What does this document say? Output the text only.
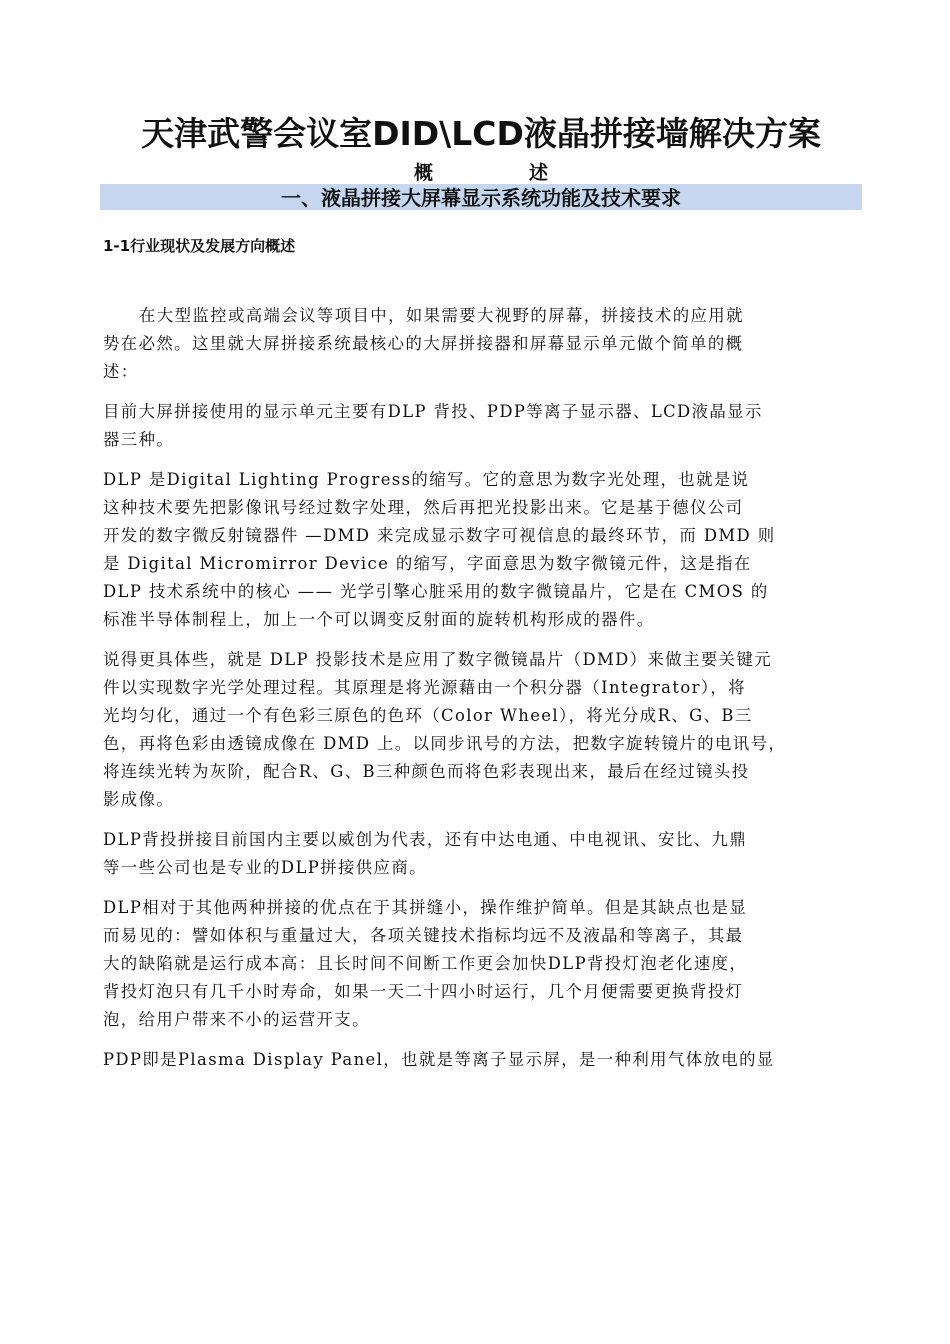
天津武警会议室DID\LCD液晶拼接墙解决方案
概	述
一、液晶拼接大屏幕显示系统功能及技术要求
1-1行业现状及发展方向概述
在大型监控或高端会议等项目中，如果需要大视野的屏幕，拼接技术的应用就
势在必然。这里就大屏拼接系统最核心的大屏拼接器和屏幕显示单元做个简单的概
述：
目前大屏拼接使用的显示单元主要有DLP 背投、PDP等离子显示器、LCD液晶显示
器三种。
DLP 是Digital Lighting Progress的缩写。它的意思为数字光处理，也就是说
这种技术要先把影像讯号经过数字处理，然后再把光投影出来。它是基于德仪公司
开发的数字微反射镜器件 —DMD 来完成显示数字可视信息的最终环节，而 DMD 则
是 Digital Micromirror Device 的缩写，字面意思为数字微镜元件，这是指在
DLP 技术系统中的核心 —— 光学引擎心脏采用的数字微镜晶片，它是在 CMOS 的
标准半导体制程上，加上一个可以调变反射面的旋转机构形成的器件。
说得更具体些，就是 DLP 投影技术是应用了数字微镜晶片（DMD）来做主要关键元
件以实现数字光学处理过程。其原理是将光源藉由一个积分器（Integrator），将
光均匀化，通过一个有色彩三原色的色环（Color Wheel），将光分成R、G、B三
色，再将色彩由透镜成像在 DMD 上。以同步讯号的方法，把数字旋转镜片的电讯号，
将连续光转为灰阶，配合R、G、B三种颜色而将色彩表现出来，最后在经过镜头投
影成像。
DLP背投拼接目前国内主要以威创为代表，还有中达电通、中电视讯、安比、九鼎
等一些公司也是专业的DLP拼接供应商。
DLP相对于其他两种拼接的优点在于其拼缝小，操作维护简单。但是其缺点也是显
而易见的：譬如体积与重量过大，各项关键技术指标均远不及液晶和等离子，其最
大的缺陷就是运行成本高：且长时间不间断工作更会加快DLP背投灯泡老化速度，
背投灯泡只有几千小时寿命，如果一天二十四小时运行，几个月便需要更换背投灯
泡，给用户带来不小的运营开支。
PDP即是Plasma Display Panel，也就是等离子显示屏，是一种利用气体放电的显
